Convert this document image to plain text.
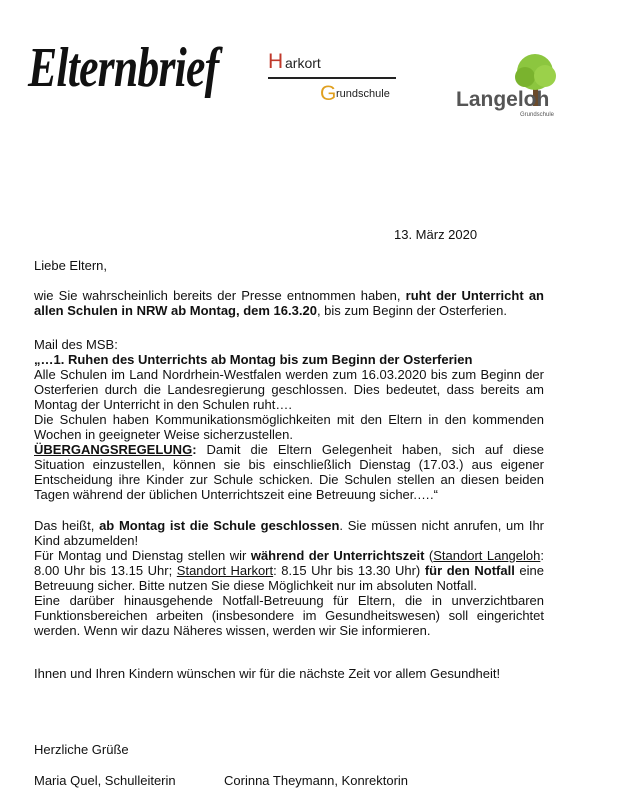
Elternbrief H arkort
G rundschule	Langeloh
Grundschule
13. März 2020
Liebe Eltern,
wie Sie wahrscheinlich bereits der Presse entnommen haben, ruht der Unterricht an allen Schulen in NRW ab Montag, dem 16.3.20, bis zum Beginn der Osterferien.
Mail des MSB:
„…1. Ruhen des Unterrichts ab Montag bis zum Beginn der Osterferien
Alle Schulen im Land Nordrhein-Westfalen werden zum 16.03.2020 bis zum Beginn der Osterferien durch die Landesregierung geschlossen. Dies bedeutet, dass bereits am Montag der Unterricht in den Schulen ruht….
Die Schulen haben Kommunikationsmöglichkeiten mit den Eltern in den kommenden Wochen in geeigneter Weise sicherzustellen.
ÜBERGANGSREGELUNG: Damit die Eltern Gelegenheit haben, sich auf diese Situation einzustellen, können sie bis einschließlich Dienstag (17.03.) aus eigener Entscheidung ihre Kinder zur Schule schicken. Die Schulen stellen an diesen beiden Tagen während der üblichen Unterrichtszeit eine Betreuung sicher.….“
Das heißt, ab Montag ist die Schule geschlossen. Sie müssen nicht anrufen, um Ihr Kind abzumelden!
Für Montag und Dienstag stellen wir während der Unterrichtszeit (Standort Langeloh: 8.00 Uhr bis 13.15 Uhr; Standort Harkort: 8.15 Uhr bis 13.30 Uhr) für den Notfall eine Betreuung sicher. Bitte nutzen Sie diese Möglichkeit nur im absoluten Notfall.
Eine darüber hinausgehende Notfall-Betreuung für Eltern, die in unverzichtbaren Funktionsbereichen arbeiten (insbesondere im Gesundheitswesen) soll eingerichtet werden. Wenn wir dazu Näheres wissen, werden wir Sie informieren.
Ihnen und Ihren Kindern wünschen wir für die nächste Zeit vor allem Gesundheit!
Herzliche Grüße
Maria Quel, Schulleiterin	Corinna Theymann, Konrektorin
